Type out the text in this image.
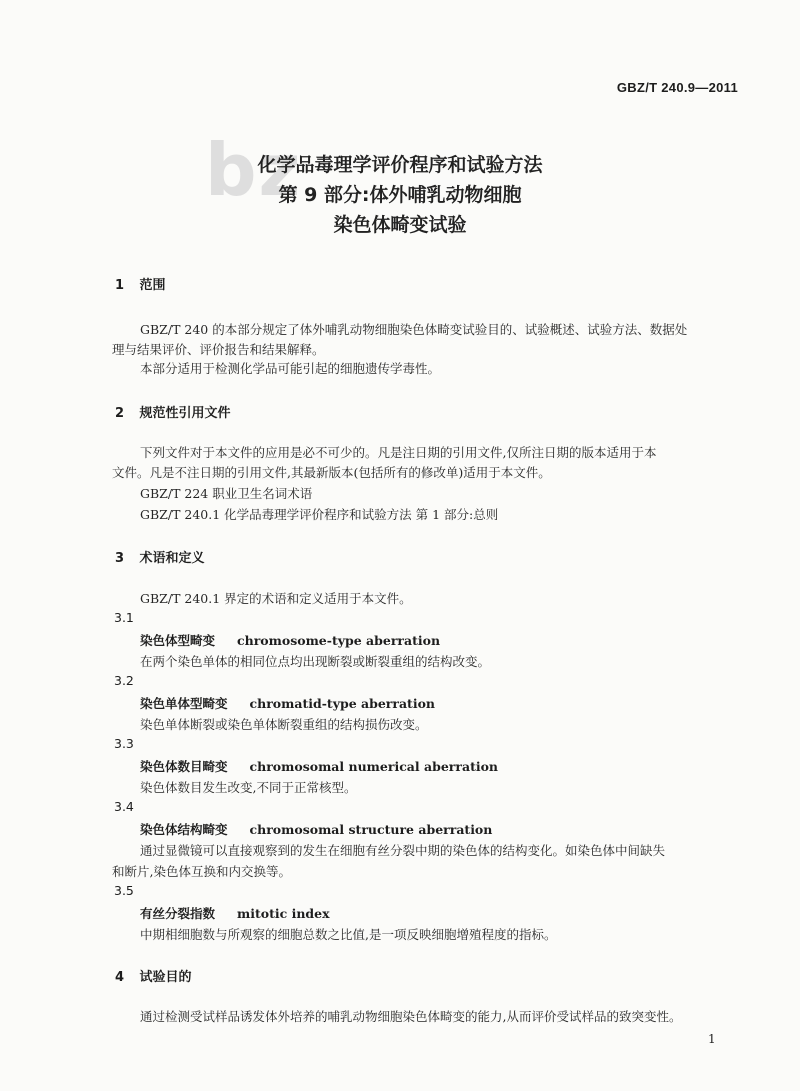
bz
GBZ/T 240.9—2011
化学品毒理学评价程序和试验方法
第 9 部分:体外哺乳动物细胞
染色体畸变试验
1 范围
GBZ/T 240 的本部分规定了体外哺乳动物细胞染色体畸变试验目的、试验概述、试验方法、数据处
理与结果评价、评价报告和结果解释。
本部分适用于检测化学品可能引起的细胞遗传学毒性。
2 规范性引用文件
下列文件对于本文件的应用是必不可少的。凡是注日期的引用文件,仅所注日期的版本适用于本
文件。凡是不注日期的引用文件,其最新版本(包括所有的修改单)适用于本文件。
GBZ/T 224 职业卫生名词术语
GBZ/T 240.1 化学品毒理学评价程序和试验方法 第 1 部分:总则
3 术语和定义
GBZ/T 240.1 界定的术语和定义适用于本文件。
3.1
染色体型畸变 chromosome-type aberration
在两个染色单体的相同位点均出现断裂或断裂重组的结构改变。
3.2
染色单体型畸变 chromatid-type aberration
染色单体断裂或染色单体断裂重组的结构损伤改变。
3.3
染色体数目畸变 chromosomal numerical aberration
染色体数目发生改变,不同于正常核型。
3.4
染色体结构畸变 chromosomal structure aberration
通过显微镜可以直接观察到的发生在细胞有丝分裂中期的染色体的结构变化。如染色体中间缺失
和断片,染色体互换和内交换等。
3.5
有丝分裂指数 mitotic index
中期相细胞数与所观察的细胞总数之比值,是一项反映细胞增殖程度的指标。
4 试验目的
通过检测受试样品诱发体外培养的哺乳动物细胞染色体畸变的能力,从而评价受试样品的致突变性。
1
